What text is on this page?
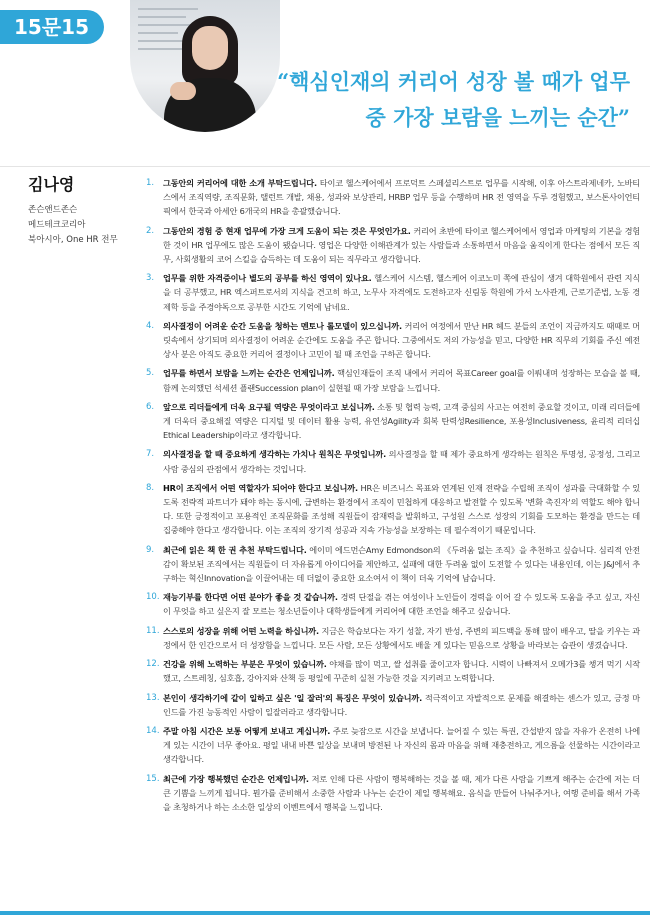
15문15답
“핵심인재의 커리어 성장 볼 때가 업무 중 가장 보람을 느끼는 순간”
김나영
존슨앤드존슨
메드테크코리아
북아시아, One HR 전무
1.	그동안의 커리어에 대한 소개 부탁드립니다. 타이코 헬스케어에서 프로덕트 스페셜리스트로 업무를 시작해, 이후 아스트라제네카, 노바티스에서 조직역량, 조직문화, 탤런트 개발, 채용, 성과와 보상관리, HRBP 업무 등을 수행하며 HR 전 영역을 두루 경험했고, 보스톤사이언티픽에서 한국과 아세안 6개국의 HR을 총괄했습니다.
2.	그동안의 경험 중 현재 업무에 가장 크게 도움이 되는 것은 무엇인가요. 커리어 초반에 타이코 헬스케어에서 영업과 마케팅의 기본을 경험한 것이 HR 업무에도 많은 도움이 됐습니다. 영업은 다양한 이해관계가 있는 사람들과 소통하면서 마음을 움직이게 한다는 점에서 모든 직무, 사회생활의 코어 스킬을 습득하는 데 도움이 되는 직무라고 생각합니다.
3.	업무를 위한 자격증이나 별도의 공부를 하신 영역이 있나요. 헬스케어 시스템, 헬스케어 이코노미 쪽에 관심이 생겨 대학원에서 관련 지식을 더 공부했고, HR 엑스퍼트로서의 지식을 견고히 하고, 노무사 자격에도 도전하고자 신림동 학원에 가서 노사관계, 근로기준법, 노동 경제학 등을 주경야독으로 공부한 시간도 기억에 남네요.
4.	의사결정이 어려운 순간 도움을 청하는 멘토나 롤모델이 있으십니까. 커리어 여정에서 만난 HR 헤드 분들의 조언이 지금까지도 때때로 머릿속에서 상기되며 의사결정이 어려운 순간에도 도움을 주곤 합니다. 그중에서도 저의 가능성을 믿고, 다양한 HR 직무의 기회를 주신 예전 상사 분은 아직도 중요한 커리어 결정이나 고민이 될 때 조언을 구하곤 합니다.
5.	업무를 하면서 보람을 느끼는 순간은 언제입니까. 핵심인재들이 조직 내에서 커리어 목표Career goal를 이뤄내며 성장하는 모습을 볼 때, 함께 논의했던 석세션 플랜Succession plan이 실현될 때 가장 보람을 느낍니다.
6.	앞으로 리더들에게 더욱 요구될 역량은 무엇이라고 보십니까. 소통 및 협력 능력, 고객 중심의 사고는 여전히 중요할 것이고, 미래 리더들에게 더욱더 중요해질 역량은 디지털 및 데이터 활용 능력, 유연성Agility과 회복 탄력성Resilience, 포용성Inclusiveness, 윤리적 리더십Ethical Leadership이라고 생각합니다.
7.	의사결정을 할 때 중요하게 생각하는 가치나 원칙은 무엇입니까. 의사결정을 할 때 제가 중요하게 생각하는 원칙은 투명성, 공정성, 그리고 사람 중심의 관점에서 생각하는 것입니다.
8.	HR이 조직에서 어떤 역할자가 되어야 한다고 보십니까. HR은 비즈니스 목표와 연계된 인재 전략을 수립해 조직이 성과를 극대화할 수 있도록 전략적 파트너가 돼야 하는 동시에, 급변하는 환경에서 조직이 민첩하게 대응하고 발전할 수 있도록 '변화 촉진자'의 역할도 해야 합니다. 또한 긍정적이고 포용적인 조직문화를 조성해 직원들이 잠재력을 발휘하고, 구성원 스스로 성장의 기회를 도모하는 환경을 만드는 데 집중해야 한다고 생각합니다. 이는 조직의 장기적 성공과 지속 가능성을 보장하는 데 필수적이기 때문입니다.
9.	최근에 읽은 책 한 권 추천 부탁드립니다. 에이미 에드먼슨Amy Edmondson의 《두려움 없는 조직》을 추천하고 싶습니다. 심리적 안전감이 확보된 조직에서는 직원들이 더 자유롭게 아이디어를 제안하고, 실패에 대한 두려움 없이 도전할 수 있다는 내용인데, 이는 J&J에서 추구하는 혁신Innovation을 이끌어내는 데 더없이 중요한 요소여서 이 책이 더욱 기억에 남습니다.
10. 재능기부를 한다면 어떤 분야가 좋을 것 같습니까. 경력 단절을 겪는 여성이나 노인들이 경력을 이어 갈 수 있도록 도움을 주고 싶고, 자신이 무엇을 하고 싶은지 잘 모르는 청소년들이나 대학생들에게 커리어에 대한 조언을 해주고 싶습니다.
11. 스스로의 성장을 위해 어떤 노력을 하십니까. 지금은 학습보다는 자기 성찰, 자기 반성, 주변의 피드백을 통해 많이 배우고, 딸을 키우는 과정에서 한 인간으로서 더 성장함을 느낍니다. 모든 사람, 모든 상황에서도 배울 게 있다는 믿음으로 상황을 바라보는 습관이 생겼습니다.
12. 건강을 위해 노력하는 부분은 무엇이 있습니까. 야채를 많이 먹고, 쌀 섭취를 줄이고자 합니다. 시력이 나빠져서 오메가3를 챙겨 먹기 시작했고, 스트레칭, 심호흡, 강아지와 산책 등 평일에 꾸준히 실천 가능한 것을 지키려고 노력합니다.
13. 본인이 생각하기에 같이 일하고 싶은 '일 잘러'의 특징은 무엇이 있습니까. 적극적이고 자발적으로 문제를 해결하는 센스가 있고, 긍정 마인드를 가진 능동적인 사람이 일잘러라고 생각합니다.
14. 주말 아침 시간은 보통 어떻게 보내고 계십니까. 주로 늦잠으로 시간을 보냅니다. 늘어질 수 있는 특권, 간섭받지 않을 자유가 온전히 나에게 있는 시간이 너무 좋아요. 평일 내내 바쁜 일상을 보내며 방전된 나 자신의 몸과 마음을 위해 재충전하고, 게으름을 선물하는 시간이라고 생각합니다.
15. 최근에 가장 행복했던 순간은 언제입니까. 저로 인해 다른 사람이 행복해하는 것을 볼 때, 제가 다른 사람을 기쁘게 해주는 순간에 저는 더 큰 기쁨을 느끼게 됩니다. 뭔가를 준비해서 소중한 사람과 나누는 순간이 제일 행복해요. 음식을 만들어 나눠주거나, 여행 준비를 해서 가족을 초청하거나 하는 소소한 일상의 이벤트에서 행복을 느낍니다.
